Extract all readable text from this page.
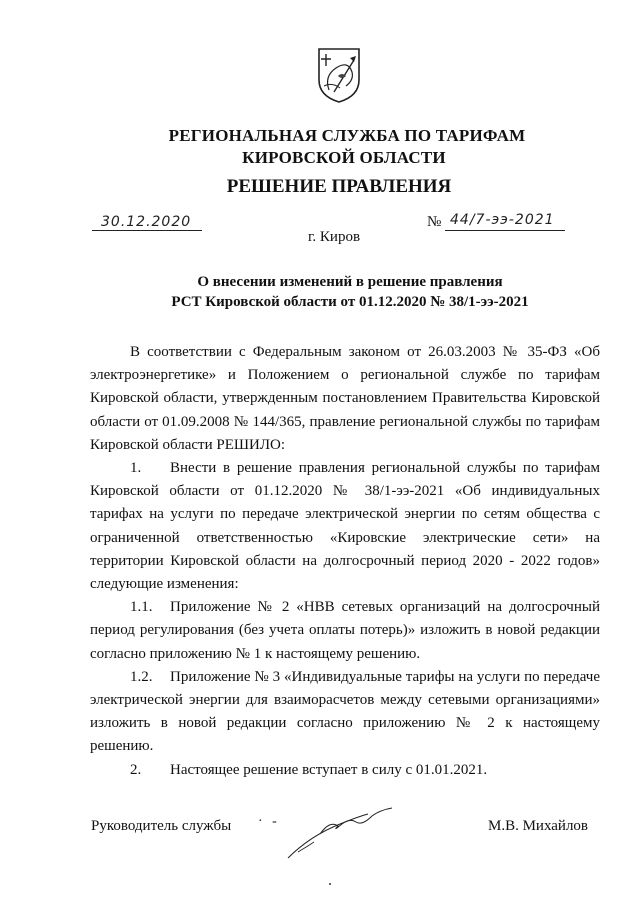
РЕГИОНАЛЬНАЯ СЛУЖБА ПО ТАРИФАМ
КИРОВСКОЙ ОБЛАСТИ
РЕШЕНИЕ ПРАВЛЕНИЯ
30.12.2020	№ 44/7-ээ-2021
г. Киров
О внесении изменений в решение правления
РСТ Кировской области от 01.12.2020 № 38/1-ээ-2021

В соответствии с Федеральным законом от 26.03.2003 № 35-ФЗ «Об электроэнергетике» и Положением о региональной службе по тарифам Кировской области, утвержденным постановлением Правительства Кировской области от 01.09.2008 № 144/365, правление региональной службы по тарифам Кировской области РЕШИЛО:

1. Внести в решение правления региональной службы по тарифам Кировской области от 01.12.2020 № 38/1-ээ-2021 «Об индивидуальных тарифах на услуги по передаче электрической энергии по сетям общества с ограниченной ответственностью «Кировские электрические сети» на территории Кировской области на долгосрочный период 2020 - 2022 годов» следующие изменения:

1.1. Приложение № 2 «НВВ сетевых организаций на долгосрочный период регулирования (без учета оплаты потерь)» изложить в новой редакции согласно приложению № 1 к настоящему решению.

1.2. Приложение № 3 «Индивидуальные тарифы на услуги по передаче электрической энергии для взаиморасчетов между сетевыми организациями» изложить в новой редакции согласно приложению № 2 к настоящему решению.

2. Настоящее решение вступает в силу с 01.01.2021.

Руководитель службы · -	М.В. Михайлов
